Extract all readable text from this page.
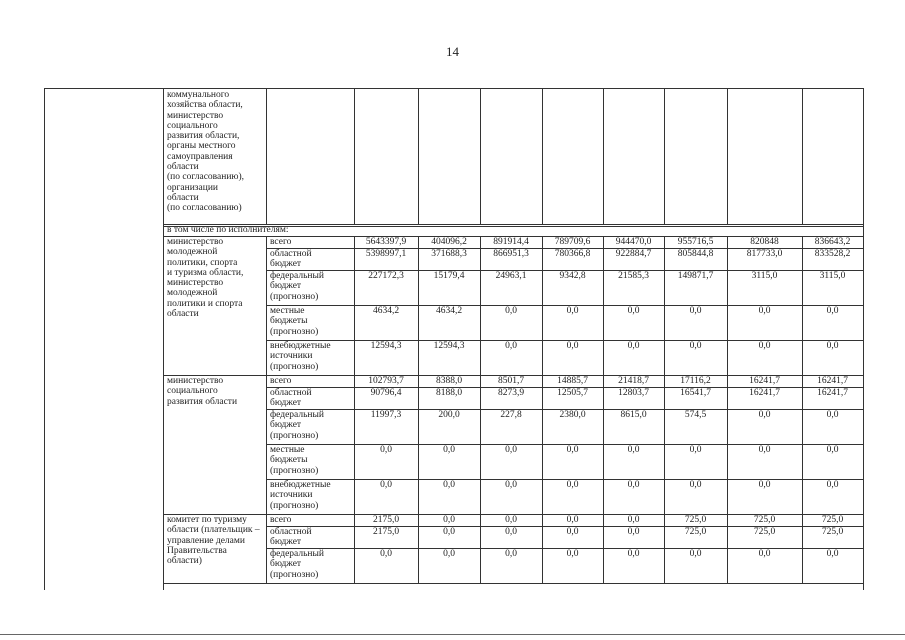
14
коммунального
хозяйства области,
министерство
социального
развития области,
органы местного
самоуправления
области
(по согласованию),
организации
области
(по согласованию)
в том числе по исполнителям:
всего	5643397,9	404096,2	891914,4	789709,6	944470,0	955716,5	820848	836643,2
областной
бюджет
5398997,1	371688,3	866951,3	780366,8	922884,7	805844,8	817733,0	833528,2
федеральный
бюджет
(прогнозно)
227172,3	15179,4	24963,1	9342,8	21585,3	149871,7	3115,0	3115,0
местные
бюджеты
(прогнозно)
4634,2	4634,2	0,0	0,0	0,0	0,0	0,0	0,0
внебюджетные
источники
(прогнозно)
12594,3	12594,3	0,0	0,0	0,0	0,0	0,0	0,0
министерство
молодежной
политики, спорта
и туризма области,
министерство
молодежной
политики и спорта
области
всего	102793,7	8388,0	8501,7	14885,7	21418,7	17116,2	16241,7	16241,7
областной
бюджет
90796,4	8188,0	8273,9	12505,7	12803,7	16541,7	16241,7	16241,7
федеральный
бюджет
(прогнозно)
11997,3	200,0	227,8	2380,0	8615,0	574,5	0,0	0,0
местные
бюджеты
(прогнозно)
0,0	0,0	0,0	0,0	0,0	0,0	0,0	0,0
внебюджетные
источники
(прогнозно)
0,0	0,0	0,0	0,0	0,0	0,0	0,0	0,0
министерство
социального
развития области
всего	2175,0	0,0	0,0	0,0	0,0	725,0	725,0	725,0
областной
бюджет
2175,0	0,0	0,0	0,0	0,0	725,0	725,0	725,0
федеральный
бюджет
(прогнозно)
0,0	0,0	0,0	0,0	0,0	0,0	0,0	0,0
комитет по туризму
области (плательщик –
управление делами
Правительства
области)
